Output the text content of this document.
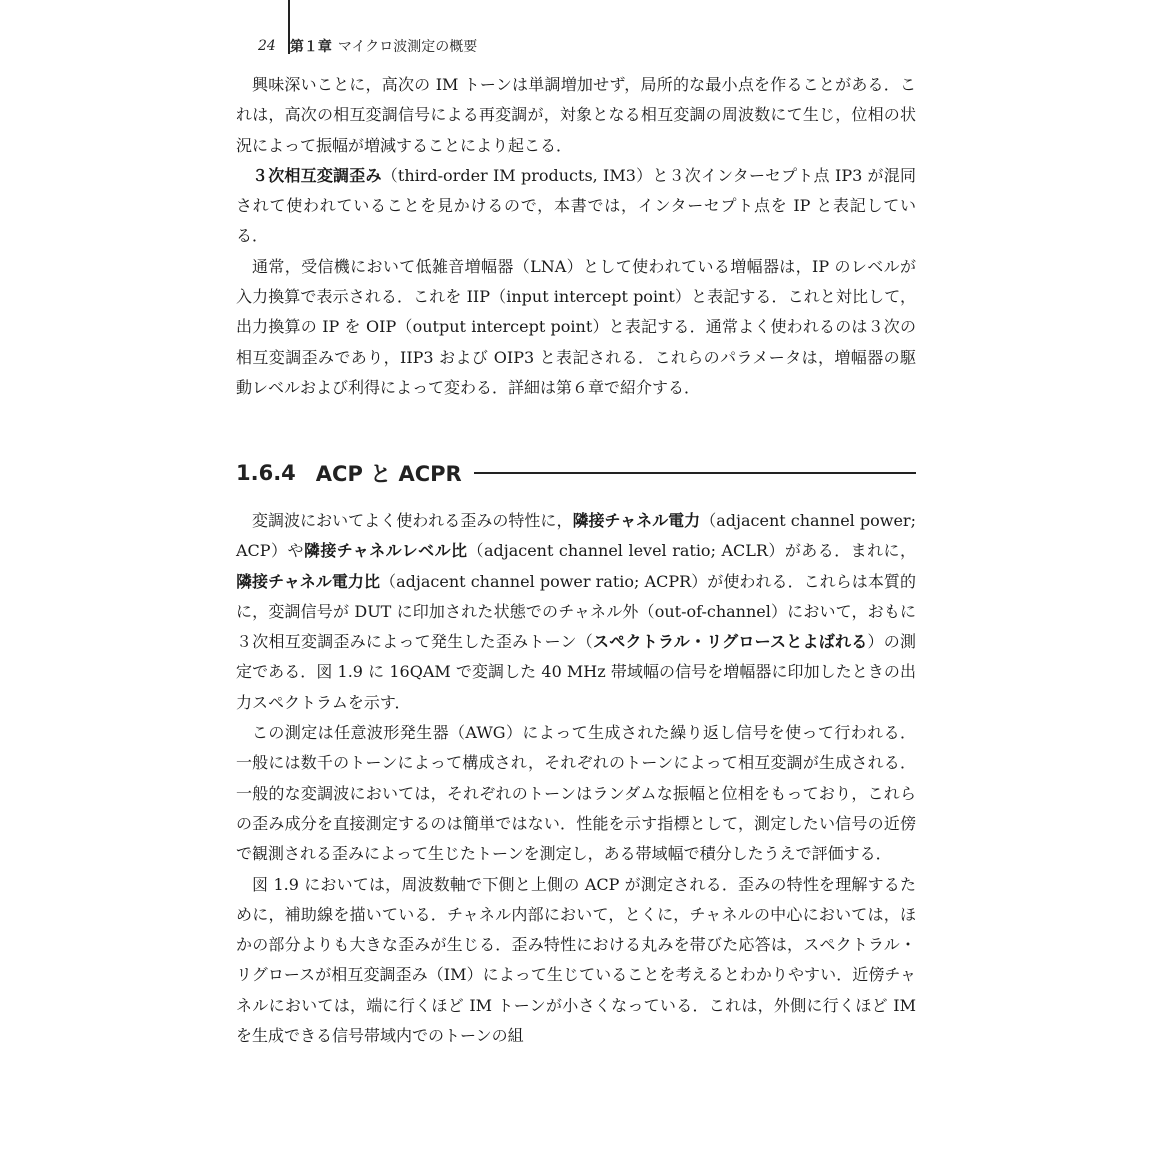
24 第１章 マイクロ波測定の概要

興味深いことに，高次の IM トーンは単調増加せず，局所的な最小点を作ることがある．これは，高次の相互変調信号による再変調が，対象となる相互変調の周波数にて生じ，位相の状況によって振幅が増減することにより起こる．

３次相互変調歪み（third-order IM products, IM3）と３次インターセプト点 IP3 が混同されて使われていることを見かけるので，本書では，インターセプト点を IP と表記している．

通常，受信機において低雑音増幅器（LNA）として使われている増幅器は，IP のレベルが入力換算で表示される．これを IIP（input intercept point）と表記する．これと対比して，出力換算の IP を OIP（output intercept point）と表記する．通常よく使われるのは３次の相互変調歪みであり，IIP3 および OIP3 と表記される．これらのパラメータは，増幅器の駆動レベルおよび利得によって変わる．詳細は第６章で紹介する．

1.6.4 ACP と ACPR

変調波においてよく使われる歪みの特性に，隣接チャネル電力（adjacent channel power; ACP）や隣接チャネルレベル比（adjacent channel level ratio; ACLR）がある．まれに，隣接チャネル電力比（adjacent channel power ratio; ACPR）が使われる．これらは本質的に，変調信号が DUT に印加された状態でのチャネル外（out-of-channel）において，おもに３次相互変調歪みによって発生した歪みトーン（スペクトラル・リグロースとよばれる）の測定である．図 1.9 に 16QAM で変調した 40 MHz 帯域幅の信号を増幅器に印加したときの出力スペクトラムを示す．

この測定は任意波形発生器（AWG）によって生成された繰り返し信号を使って行われる．一般には数千のトーンによって構成され，それぞれのトーンによって相互変調が生成される．一般的な変調波においては，それぞれのトーンはランダムな振幅と位相をもっており，これらの歪み成分を直接測定するのは簡単ではない．性能を示す指標として，測定したい信号の近傍で観測される歪みによって生じたトーンを測定し，ある帯域幅で積分したうえで評価する．

図 1.9 においては，周波数軸で下側と上側の ACP が測定される．歪みの特性を理解するために，補助線を描いている．チャネル内部において，とくに，チャネルの中心においては，ほかの部分よりも大きな歪みが生じる．歪み特性における丸みを帯びた応答は，スペクトラル・リグロースが相互変調歪み（IM）によって生じていることを考えるとわかりやすい．近傍チャネルにおいては，端に行くほど IM トーンが小さくなっている．これは，外側に行くほど IM を生成できる信号帯域内でのトーンの組
